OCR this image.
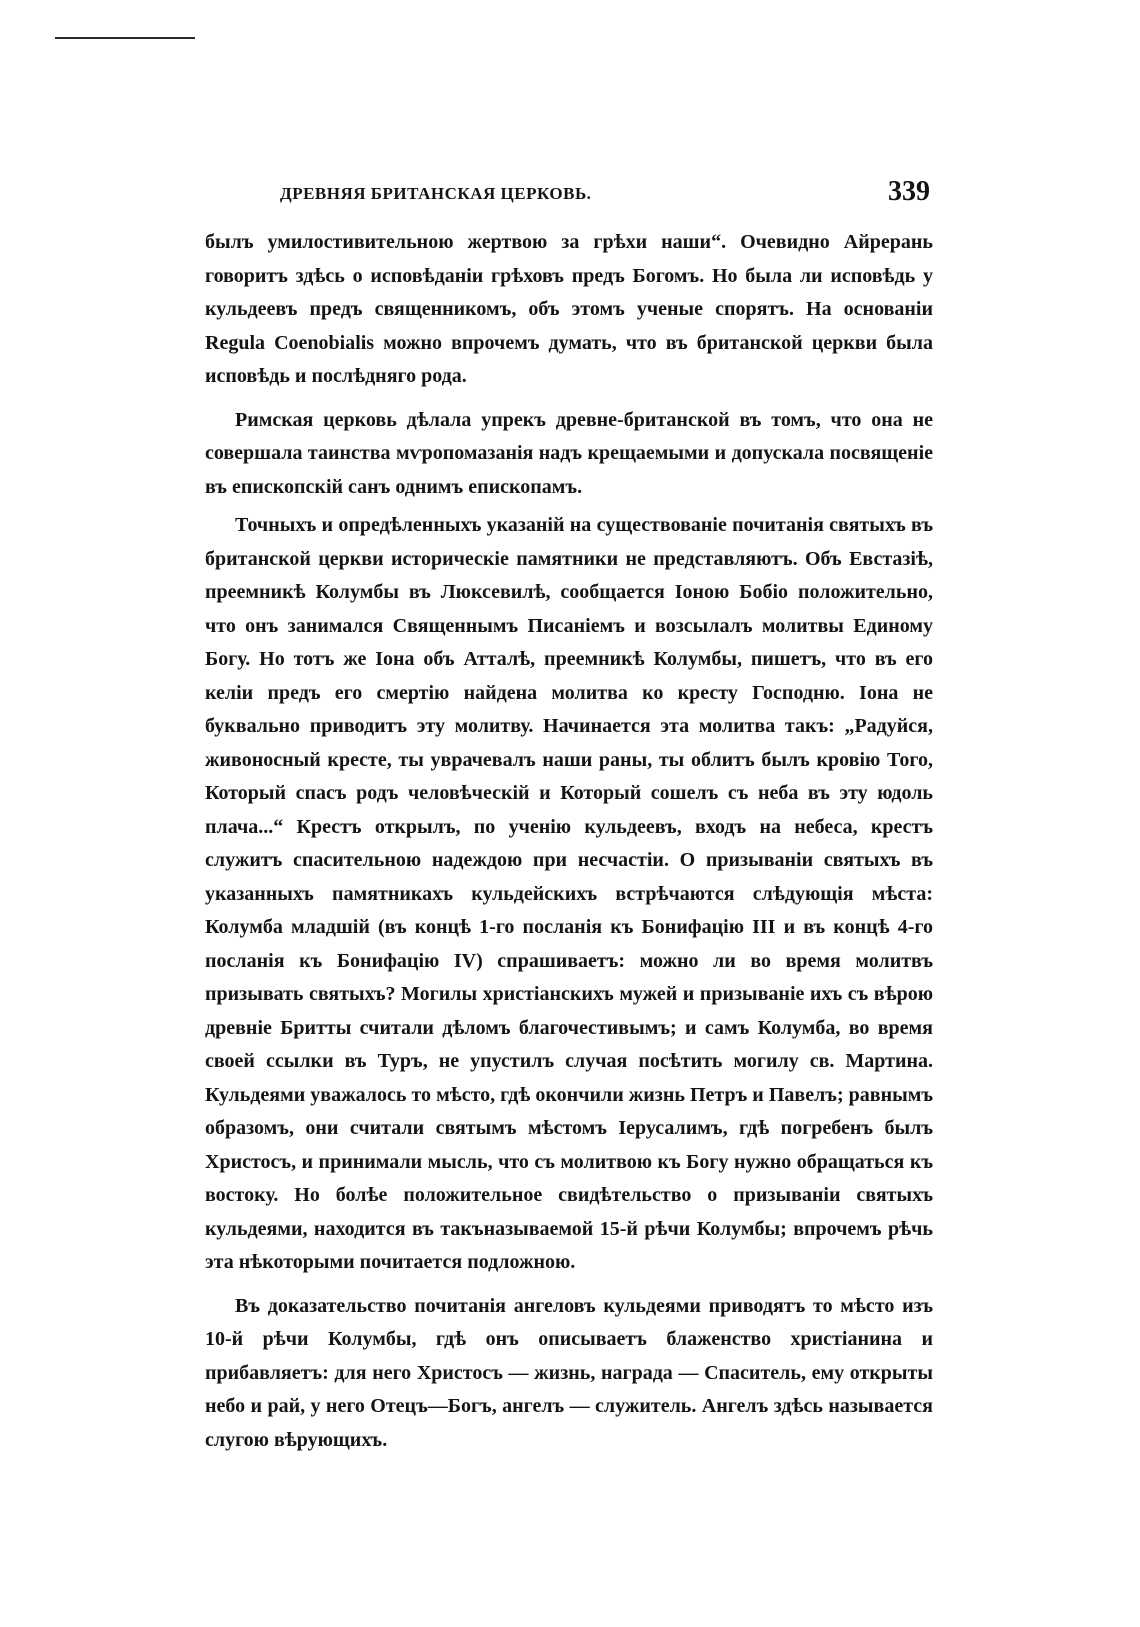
ДРЕВНЯЯ БРИТАНСКАЯ ЦЕРКОВЬ.	339

былъ умилостивительною жертвою за грѣхи наши“. Очевидно Айрерань говоритъ здѣсь о исповѣданіи грѣховъ предъ Богомъ. Но была ли исповѣдь у кульдеевъ предъ священникомъ, объ этомъ ученые спорятъ. На основаніи Regula Coenobialis можно впрочемъ думать, что въ британской церкви была исповѣдь и послѣдняго рода.

Римская церковь дѣлала упрекъ древне-британской въ томъ, что она не совершала таинства мѵропомазанія надъ крещаемыми и допускала посвященіе въ епископскій санъ однимъ епископамъ.

Точныхъ и опредѣленныхъ указаній на существованіе почитанія святыхъ въ британской церкви историческіе памятники не представляютъ. Объ Евстазіѣ, преемникѣ Колумбы въ Люксевилѣ, сообщается Іоною Бобіо положительно, что онъ занимался Священнымъ Писаніемъ и возсылалъ молитвы Единому Богу. Но тотъ же Іона объ Атталѣ, преемникѣ Колумбы, пишетъ, что въ его келіи предъ его смертію найдена молитва ко кресту Господню. Іона не буквально приводитъ эту молитву. Начинается эта молитва такъ: „Радуйся, живоносный кресте, ты уврачевалъ наши раны, ты облитъ былъ кровію Того, Который спасъ родъ человѣческій и Который сошелъ съ неба въ эту юдоль плача...“ Крестъ открылъ, по ученію кульдеевъ, входъ на небеса, крестъ служитъ спасительною надеждою при несчастіи. О призываніи святыхъ въ указанныхъ памятникахъ кульдейскихъ встрѣчаются слѣдующія мѣста: Колумба младшій (въ концѣ 1-го посланія къ Бонифацію III и въ концѣ 4-го посланія къ Бонифацію IV) спрашиваетъ: можно ли во время молитвъ призывать святыхъ? Могилы христіанскихъ мужей и призываніе ихъ съ вѣрою древніе Бритты считали дѣломъ благочестивымъ; и самъ Колумба, во время своей ссылки въ Туръ, не упустилъ случая посѣтить могилу св. Мартина. Кульдеями уважалось то мѣсто, гдѣ окончили жизнь Петръ и Павелъ; равнымъ образомъ, они считали святымъ мѣстомъ Іерусалимъ, гдѣ погребенъ былъ Христосъ, и принимали мысль, что съ молитвою къ Богу нужно обращаться къ востоку. Но болѣе положительное свидѣтельство о призываніи святыхъ кульдеями, находится въ такъназываемой 15-й рѣчи Колумбы; впрочемъ рѣчь эта нѣкоторыми почитается подложною.

Въ доказательство почитанія ангеловъ кульдеями приводятъ то мѣсто изъ 10-й рѣчи Колумбы, гдѣ онъ описываетъ блаженство христіанина и прибавляетъ: для него Христосъ — жизнь, награда — Спаситель, ему открыты небо и рай, у него Отецъ—Богъ, ангелъ — служитель. Ангелъ здѣсь называется слугою вѣрующихъ.
